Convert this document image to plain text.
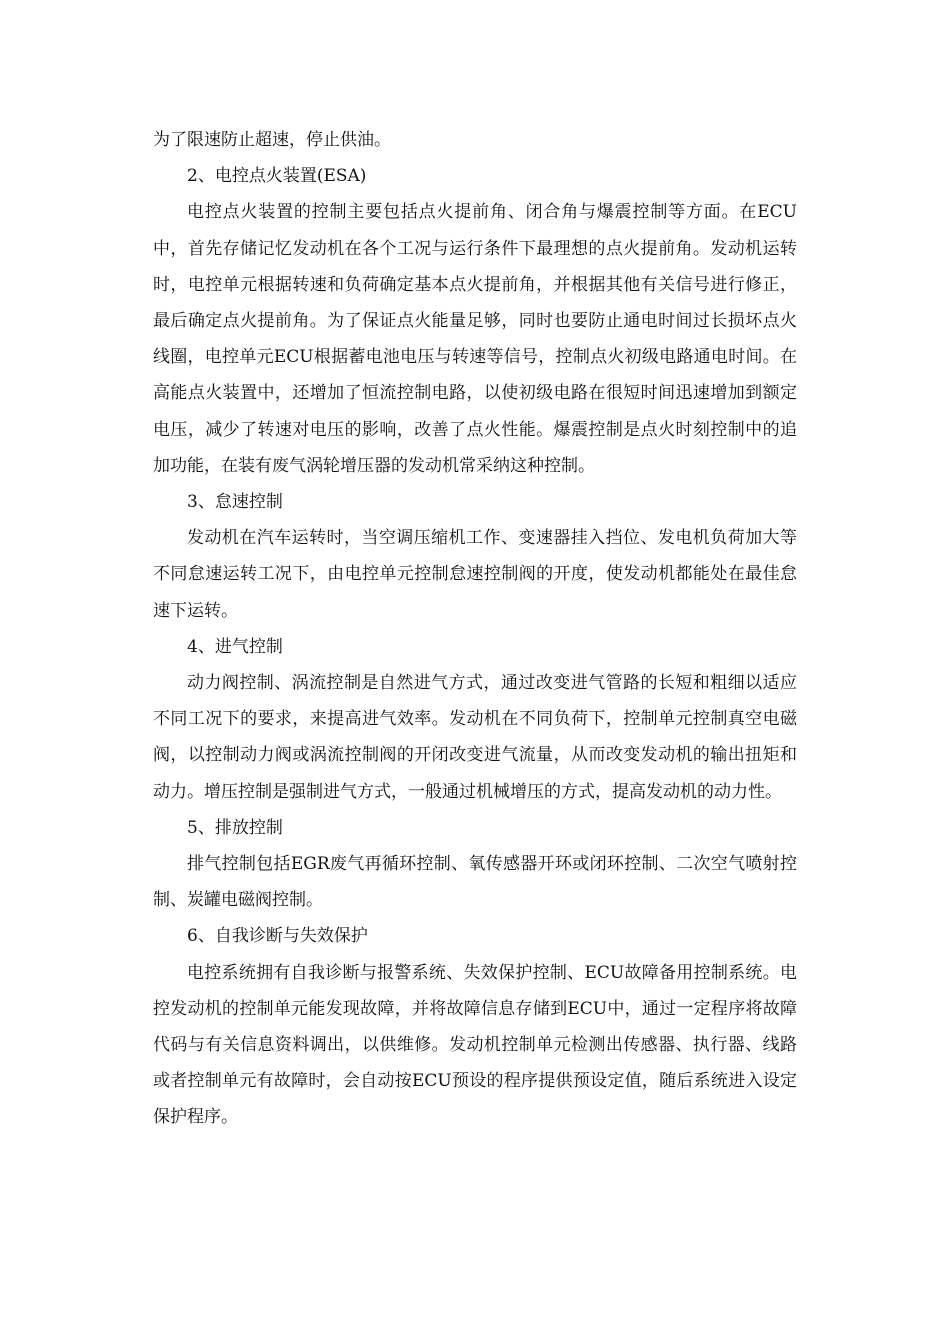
为了限速防止超速，停止供油。

2、电控点火装置(ESA)

电控点火装置的控制主要包括点火提前角、闭合角与爆震控制等方面。在ECU中，首先存储记忆发动机在各个工况与运行条件下最理想的点火提前角。发动机运转时，电控单元根据转速和负荷确定基本点火提前角，并根据其他有关信号进行修正，最后确定点火提前角。为了保证点火能量足够，同时也要防止通电时间过长损坏点火线圈，电控单元ECU根据蓄电池电压与转速等信号，控制点火初级电路通电时间。在高能点火装置中，还增加了恒流控制电路，以使初级电路在很短时间迅速增加到额定电压，减少了转速对电压的影响，改善了点火性能。爆震控制是点火时刻控制中的追加功能，在装有废气涡轮增压器的发动机常采纳这种控制。

3、怠速控制

发动机在汽车运转时，当空调压缩机工作、变速器挂入挡位、发电机负荷加大等不同怠速运转工况下，由电控单元控制怠速控制阀的开度，使发动机都能处在最佳怠速下运转。

4、进气控制

动力阀控制、涡流控制是自然进气方式，通过改变进气管路的长短和粗细以适应不同工况下的要求，来提高进气效率。发动机在不同负荷下，控制单元控制真空电磁阀，以控制动力阀或涡流控制阀的开闭改变进气流量，从而改变发动机的输出扭矩和动力。增压控制是强制进气方式，一般通过机械增压的方式，提高发动机的动力性。

5、排放控制

排气控制包括EGR废气再循环控制、氧传感器开环或闭环控制、二次空气喷射控制、炭罐电磁阀控制。

6、自我诊断与失效保护

电控系统拥有自我诊断与报警系统、失效保护控制、ECU故障备用控制系统。电控发动机的控制单元能发现故障，并将故障信息存储到ECU中，通过一定程序将故障代码与有关信息资料调出，以供维修。发动机控制单元检测出传感器、执行器、线路或者控制单元有故障时，会自动按ECU预设的程序提供预设定值，随后系统进入设定保护程序。
